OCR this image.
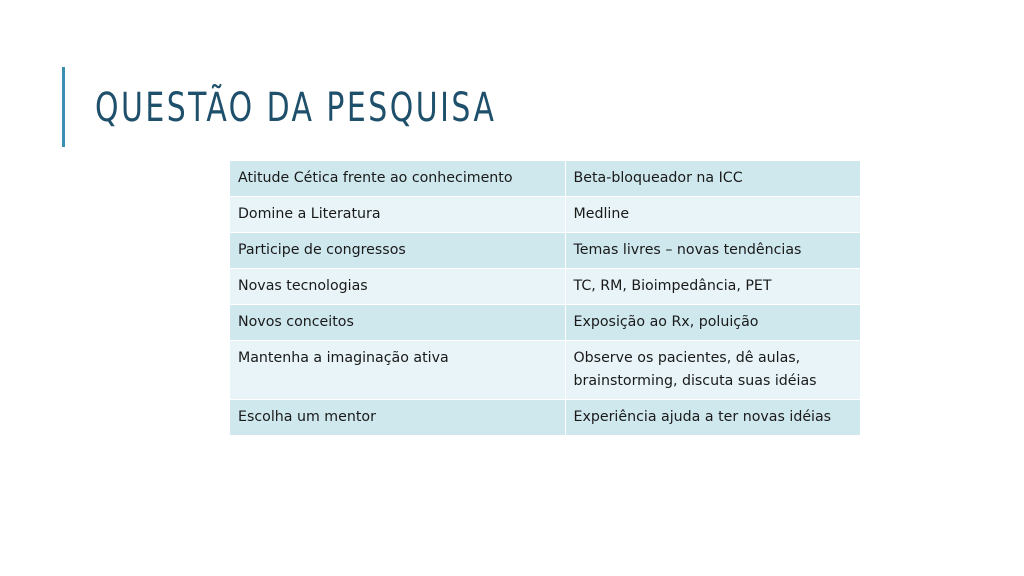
QUESTÃO DA PESQUISA
Atitude Cética frente ao conhecimento	Beta-bloqueador na ICC

Domine a Literatura	Medline

Participe de congressos	Temas livres – novas tendências

Novas tecnologias	TC, RM, Bioimpedância, PET

Novos conceitos	Exposição ao Rx, poluição

Mantenha a imaginação ativa	Observe os pacientes, dê aulas, brainstorming, discuta suas idéias

Escolha um mentor	Experiência ajuda a ter novas idéias
